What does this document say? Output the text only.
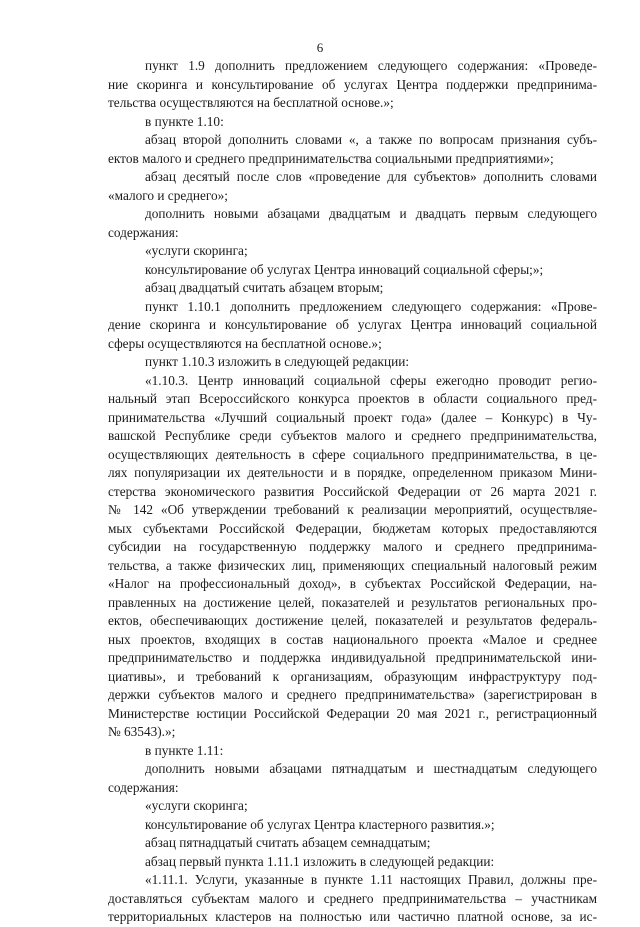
6
пункт 1.9 дополнить предложением следующего содержания: «Проведе-
ние скоринга и консультирование об услугах Центра поддержки предпринима-
тельства осуществляются на бесплатной основе.»;
в пункте 1.10:
абзац второй дополнить словами «, а также по вопросам признания субъ-
ектов малого и среднего предпринимательства социальными предприятиями»;
абзац десятый после слов «проведение для субъектов» дополнить словами
«малого и среднего»;
дополнить новыми абзацами двадцатым и двадцать первым следующего
содержания:
«услуги скоринга;
консультирование об услугах Центра инноваций социальной сферы;»;
абзац двадцатый считать абзацем вторым;
пункт 1.10.1 дополнить предложением следующего содержания: «Прове-
дение скоринга и консультирование об услугах Центра инноваций социальной
сферы осуществляются на бесплатной основе.»;
пункт 1.10.3 изложить в следующей редакции:
«1.10.3. Центр инноваций социальной сферы ежегодно проводит регио-
нальный этап Всероссийского конкурса проектов в области социального пред-
принимательства «Лучший социальный проект года» (далее – Конкурс) в Чу-
вашской Республике среди субъектов малого и среднего предпринимательства,
осуществляющих деятельность в сфере социального предпринимательства, в це-
лях популяризации их деятельности и в порядке, определенном приказом Мини-
стерства экономического развития Российской Федерации от 26 марта 2021 г.
№ 142 «Об утверждении требований к реализации мероприятий, осуществляе-
мых субъектами Российской Федерации, бюджетам которых предоставляются
субсидии на государственную поддержку малого и среднего предпринима-
тельства, а также физических лиц, применяющих специальный налоговый режим
«Налог на профессиональный доход», в субъектах Российской Федерации, на-
правленных на достижение целей, показателей и результатов региональных про-
ектов, обеспечивающих достижение целей, показателей и результатов федераль-
ных проектов, входящих в состав национального проекта «Малое и среднее
предпринимательство и поддержка индивидуальной предпринимательской ини-
циативы», и требований к организациям, образующим инфраструктуру под-
держки субъектов малого и среднего предпринимательства» (зарегистрирован в
Министерстве юстиции Российской Федерации 20 мая 2021 г., регистрационный
№ 63543).»;
в пункте 1.11:
дополнить новыми абзацами пятнадцатым и шестнадцатым следующего
содержания:
«услуги скоринга;
консультирование об услугах Центра кластерного развития.»;
абзац пятнадцатый считать абзацем семнадцатым;
абзац первый пункта 1.11.1 изложить в следующей редакции:
«1.11.1. Услуги, указанные в пункте 1.11 настоящих Правил, должны пре-
доставляться субъектам малого и среднего предпринимательства – участникам
территориальных кластеров на полностью или частично платной основе, за ис-
